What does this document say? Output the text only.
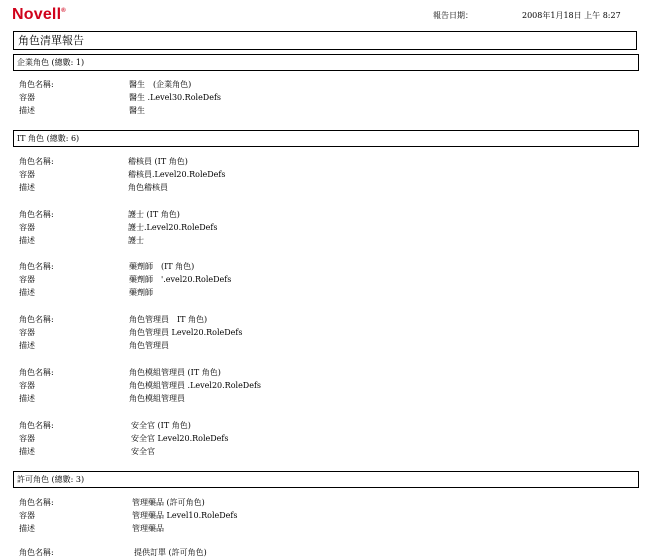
Novell®	報告日期：	2008年1月18日 上午 8:27
角色清單報告
企業角色 (總數: 1)
角色名稱:	醫生　(企業角色)
容器	醫生 .Level30.RoleDefs
描述	醫生
IT 角色 (總數: 6)
角色名稱:	稽核員 (IT 角色)
容器	稽核員.Level20.RoleDefs
描述	角色稽核員
角色名稱:	護士 (IT 角色)
容器	護士.Level20.RoleDefs
描述	護士
角色名稱:	藥劑師　(IT 角色)
容器	藥劑師　'.evel20.RoleDefs
描述	藥劑師
角色名稱:	角色管理員　IT 角色)
容器	角色管理員 Level20.RoleDefs
描述	角色管理員
角色名稱:	角色模組管理員 (IT 角色)
容器	角色模組管理員 .Level20.RoleDefs
描述	角色模組管理員
角色名稱:	安全官 (IT 角色)
容器	安全官 Level20.RoleDefs
描述	安全官
許可角色 (總數: 3)
角色名稱:	管理藥品 (許可角色)
容器	管理藥品 Level10.RoleDefs
描述	管理藥品
角色名稱:	提供訂單 (許可角色)
